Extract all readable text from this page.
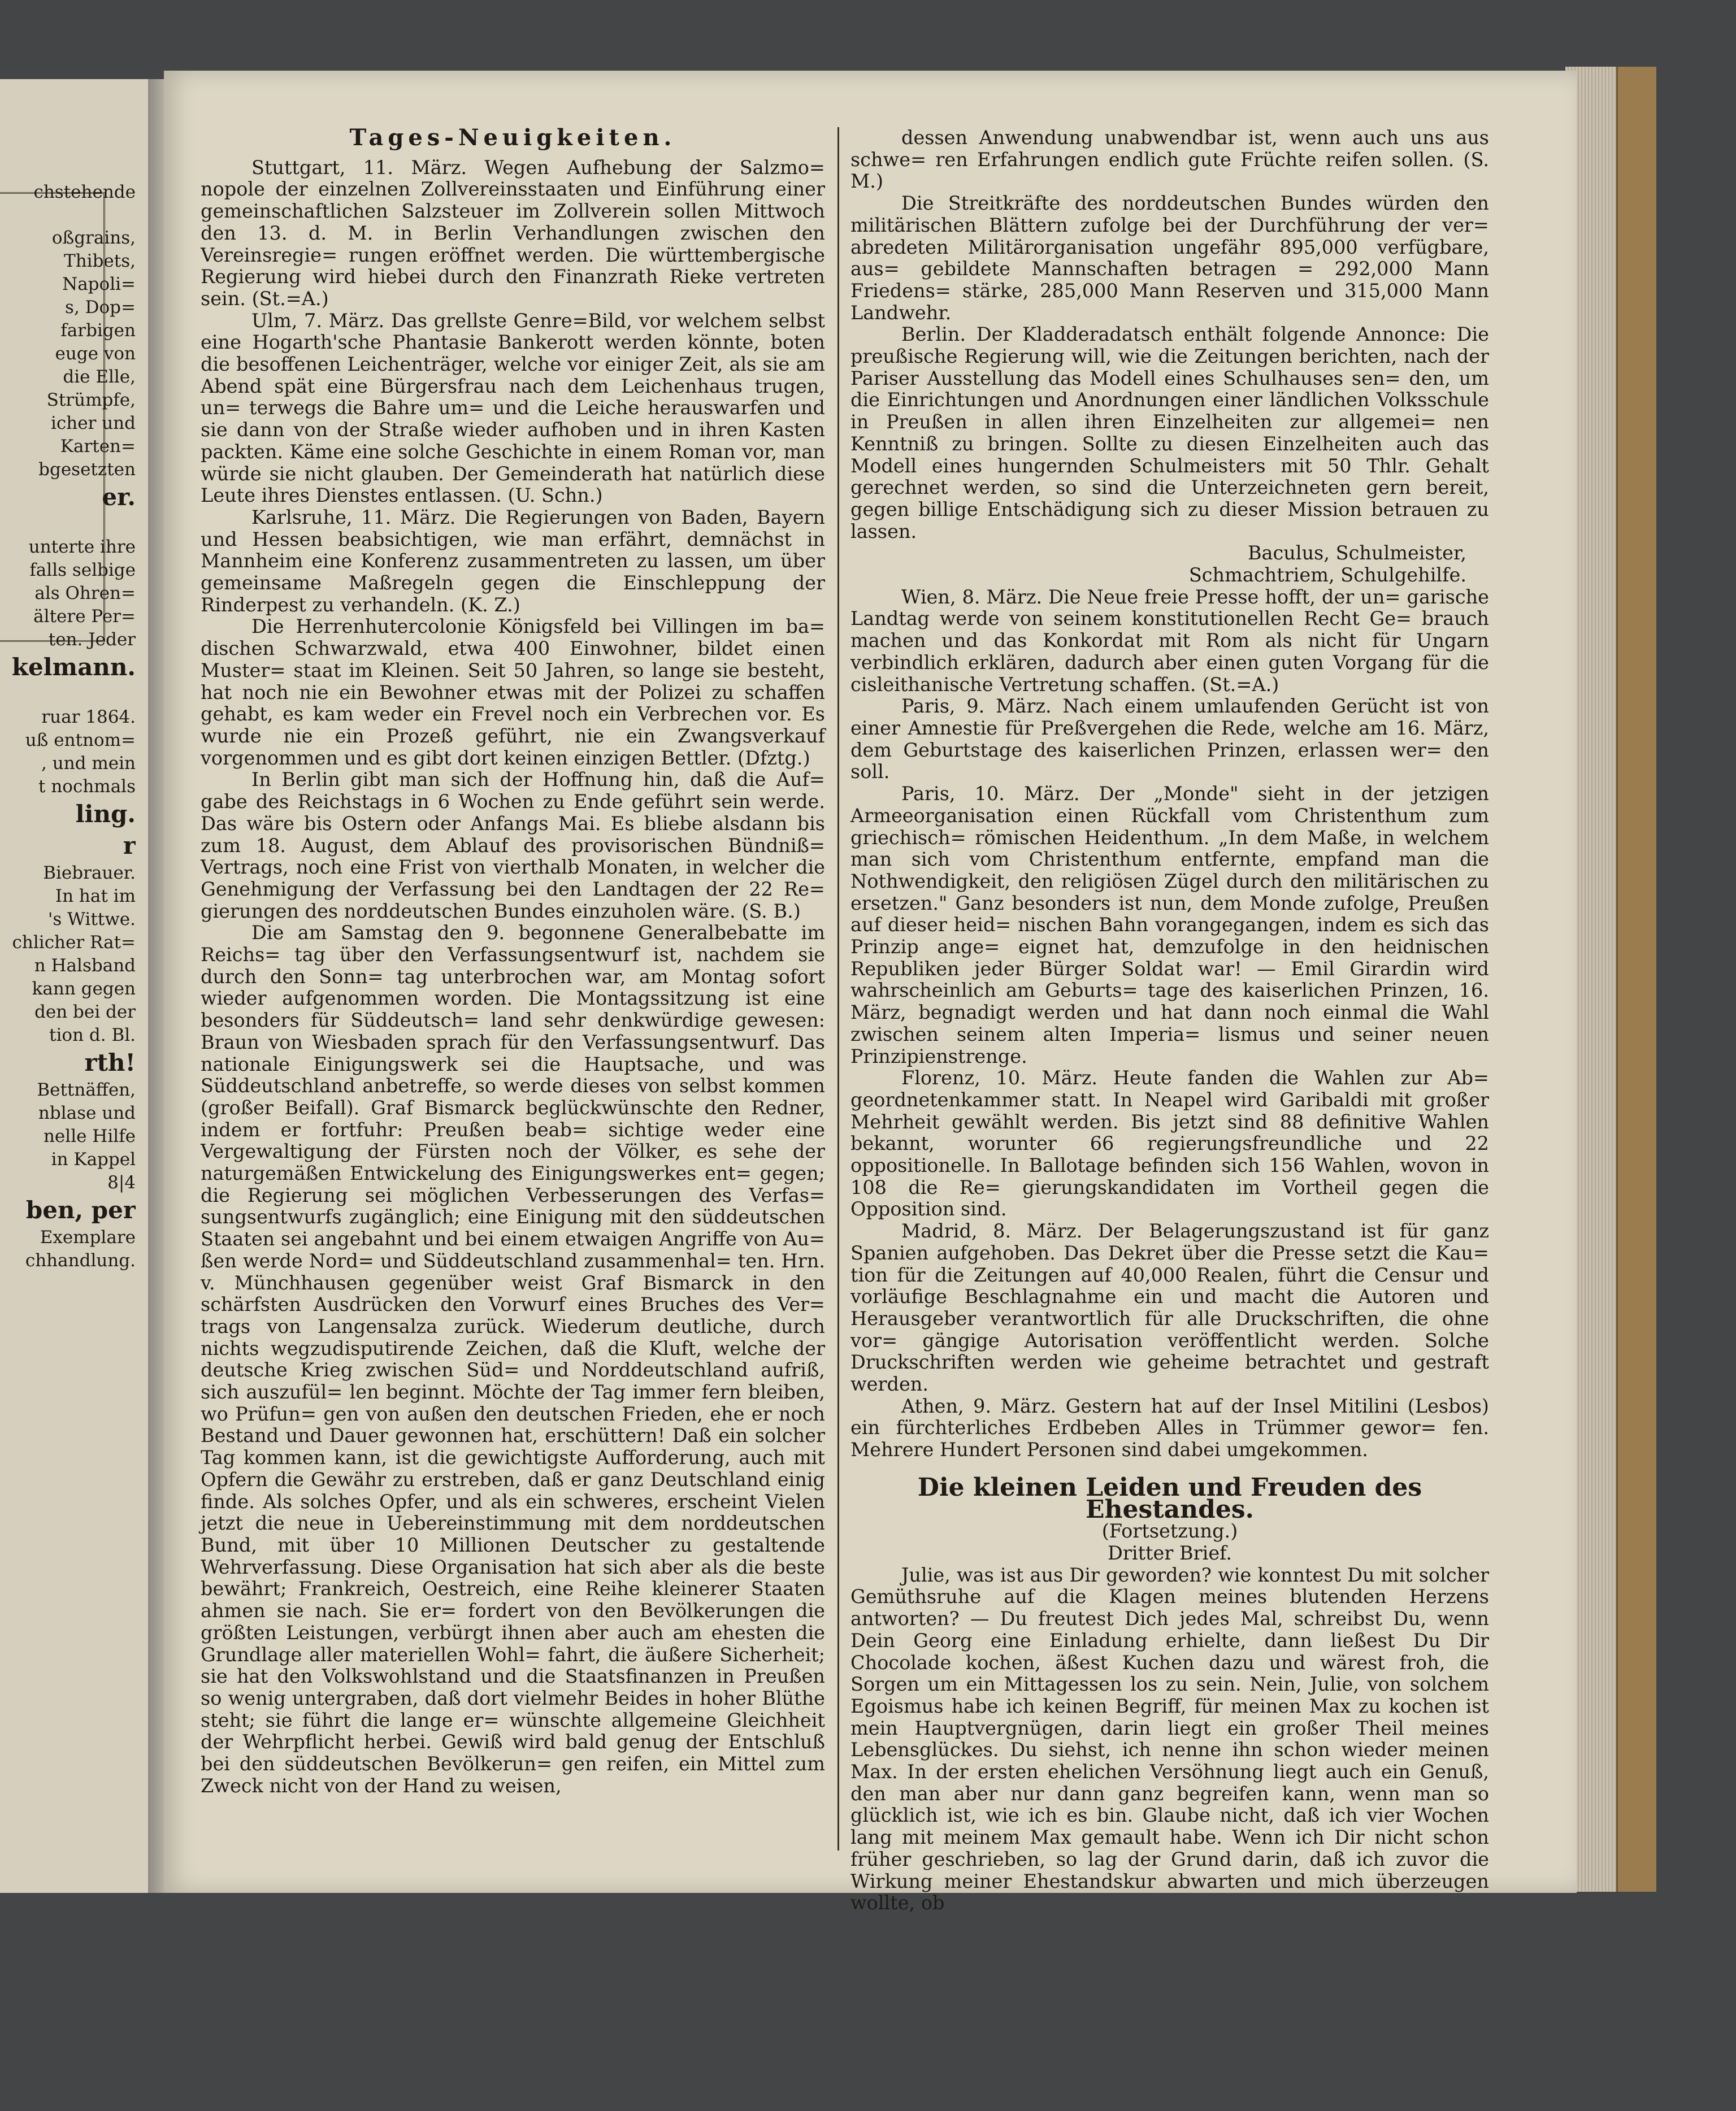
chstehende
oßgrains,
Thibets,
Napoli=
s, Dop=
farbigen
euge von
die Elle,
Strümpfe,
icher und
Karten=
bgesetzten
er.
unterte ihre
falls selbige
als Ohren=
ältere Per=
ten. Jeder
kelmann.
ruar 1864.
uß entnom=
, und mein
t nochmals
ling.
r
Biebrauer.
In hat im
's Wittwe.
chlicher Rat=
n Halsband
kann gegen
den bei der
tion d. Bl.
rth!
Bettnäffen,
nblase und
nelle Hilfe
in Kappel
8|4
ben, per
Exemplare
chhandlung.
Tages-Neuigkeiten.

Stuttgart, 11. März. Wegen Aufhebung der Salzmo= nopole der einzelnen Zollvereinsstaaten und Einführung einer gemeinschaftlichen Salzsteuer im Zollverein sollen Mittwoch den 13. d. M. in Berlin Verhandlungen zwischen den Vereinsregie= rungen eröffnet werden. Die württembergische Regierung wird hiebei durch den Finanzrath Rieke vertreten sein. (St.=A.)

Ulm, 7. März. Das grellste Genre=Bild, vor welchem selbst eine Hogarth'sche Phantasie Bankerott werden könnte, boten die besoffenen Leichenträger, welche vor einiger Zeit, als sie am Abend spät eine Bürgersfrau nach dem Leichenhaus trugen, un= terwegs die Bahre um= und die Leiche herauswarfen und sie dann von der Straße wieder aufhoben und in ihren Kasten packten. Käme eine solche Geschichte in einem Roman vor, man würde sie nicht glauben. Der Gemeinderath hat natürlich diese Leute ihres Dienstes entlassen. (U. Schn.)

Karlsruhe, 11. März. Die Regierungen von Baden, Bayern und Hessen beabsichtigen, wie man erfährt, demnächst in Mannheim eine Konferenz zusammentreten zu lassen, um über gemeinsame Maßregeln gegen die Einschleppung der Rinderpest zu verhandeln. (K. Z.)

Die Herrenhutercolonie Königsfeld bei Villingen im ba= dischen Schwarzwald, etwa 400 Einwohner, bildet einen Muster= staat im Kleinen. Seit 50 Jahren, so lange sie besteht, hat noch nie ein Bewohner etwas mit der Polizei zu schaffen gehabt, es kam weder ein Frevel noch ein Verbrechen vor. Es wurde nie ein Prozeß geführt, nie ein Zwangsverkauf vorgenommen und es gibt dort keinen einzigen Bettler. (Dfztg.)

In Berlin gibt man sich der Hoffnung hin, daß die Auf= gabe des Reichstags in 6 Wochen zu Ende geführt sein werde. Das wäre bis Ostern oder Anfangs Mai. Es bliebe alsdann bis zum 18. August, dem Ablauf des provisorischen Bündniß= Vertrags, noch eine Frist von vierthalb Monaten, in welcher die Genehmigung der Verfassung bei den Landtagen der 22 Re= gierungen des norddeutschen Bundes einzuholen wäre. (S. B.)

Die am Samstag den 9. begonnene Generalbebatte im Reichs= tag über den Verfassungsentwurf ist, nachdem sie durch den Sonn= tag unterbrochen war, am Montag sofort wieder aufgenommen worden. Die Montagssitzung ist eine besonders für Süddeutsch= land sehr denkwürdige gewesen: Braun von Wiesbaden sprach für den Verfassungsentwurf. Das nationale Einigungswerk sei die Hauptsache, und was Süddeutschland anbetreffe, so werde dieses von selbst kommen (großer Beifall). Graf Bismarck beglückwünschte den Redner, indem er fortfuhr: Preußen beab= sichtige weder eine Vergewaltigung der Fürsten noch der Völker, es sehe der naturgemäßen Entwickelung des Einigungswerkes ent= gegen; die Regierung sei möglichen Verbesserungen des Verfas= sungsentwurfs zugänglich; eine Einigung mit den süddeutschen Staaten sei angebahnt und bei einem etwaigen Angriffe von Au= ßen werde Nord= und Süddeutschland zusammenhal= ten. Hrn. v. Münchhausen gegenüber weist Graf Bismarck in den schärfsten Ausdrücken den Vorwurf eines Bruches des Ver= trags von Langensalza zurück. Wiederum deutliche, durch nichts wegzudisputirende Zeichen, daß die Kluft, welche der deutsche Krieg zwischen Süd= und Norddeutschland aufriß, sich auszufül= len beginnt. Möchte der Tag immer fern bleiben, wo Prüfun= gen von außen den deutschen Frieden, ehe er noch Bestand und Dauer gewonnen hat, erschüttern! Daß ein solcher Tag kommen kann, ist die gewichtigste Aufforderung, auch mit Opfern die Gewähr zu erstreben, daß er ganz Deutschland einig finde. Als solches Opfer, und als ein schweres, erscheint Vielen jetzt die neue in Uebereinstimmung mit dem norddeutschen Bund, mit über 10 Millionen Deutscher zu gestaltende Wehrverfassung. Diese Organisation hat sich aber als die beste bewährt; Frankreich, Oestreich, eine Reihe kleinerer Staaten ahmen sie nach. Sie er= fordert von den Bevölkerungen die größten Leistungen, verbürgt ihnen aber auch am ehesten die Grundlage aller materiellen Wohl= fahrt, die äußere Sicherheit; sie hat den Volkswohlstand und die Staatsfinanzen in Preußen so wenig untergraben, daß dort vielmehr Beides in hoher Blüthe steht; sie führt die lange er= wünschte allgemeine Gleichheit der Wehrpflicht herbei. Gewiß wird bald genug der Entschluß bei den süddeutschen Bevölkerun= gen reifen, ein Mittel zum Zweck nicht von der Hand zu weisen,

dessen Anwendung unabwendbar ist, wenn auch uns aus schwe= ren Erfahrungen endlich gute Früchte reifen sollen. (S. M.)

Die Streitkräfte des norddeutschen Bundes würden den militärischen Blättern zufolge bei der Durchführung der ver= abredeten Militärorganisation ungefähr 895,000 verfügbare, aus= gebildete Mannschaften betragen = 292,000 Mann Friedens= stärke, 285,000 Mann Reserven und 315,000 Mann Landwehr.

Berlin. Der Kladderadatsch enthält folgende Annonce: Die preußische Regierung will, wie die Zeitungen berichten, nach der Pariser Ausstellung das Modell eines Schulhauses sen= den, um die Einrichtungen und Anordnungen einer ländlichen Volksschule in Preußen in allen ihren Einzelheiten zur allgemei= nen Kenntniß zu bringen. Sollte zu diesen Einzelheiten auch das Modell eines hungernden Schulmeisters mit 50 Thlr. Gehalt gerechnet werden, so sind die Unterzeichneten gern bereit, gegen billige Entschädigung sich zu dieser Mission betrauen zu lassen.

Baculus, Schulmeister,

Schmachtriem, Schulgehilfe.

Wien, 8. März. Die Neue freie Presse hofft, der un= garische Landtag werde von seinem konstitutionellen Recht Ge= brauch machen und das Konkordat mit Rom als nicht für Ungarn verbindlich erklären, dadurch aber einen guten Vorgang für die cisleithanische Vertretung schaffen. (St.=A.)

Paris, 9. März. Nach einem umlaufenden Gerücht ist von einer Amnestie für Preßvergehen die Rede, welche am 16. März, dem Geburtstage des kaiserlichen Prinzen, erlassen wer= den soll.

Paris, 10. März. Der „Monde" sieht in der jetzigen Armeeorganisation einen Rückfall vom Christenthum zum griechisch= römischen Heidenthum. „In dem Maße, in welchem man sich vom Christenthum entfernte, empfand man die Nothwendigkeit, den religiösen Zügel durch den militärischen zu ersetzen." Ganz besonders ist nun, dem Monde zufolge, Preußen auf dieser heid= nischen Bahn vorangegangen, indem es sich das Prinzip ange= eignet hat, demzufolge in den heidnischen Republiken jeder Bürger Soldat war! — Emil Girardin wird wahrscheinlich am Geburts= tage des kaiserlichen Prinzen, 16. März, begnadigt werden und hat dann noch einmal die Wahl zwischen seinem alten Imperia= lismus und seiner neuen Prinzipienstrenge.

Florenz, 10. März. Heute fanden die Wahlen zur Ab= geordnetenkammer statt. In Neapel wird Garibaldi mit großer Mehrheit gewählt werden. Bis jetzt sind 88 definitive Wahlen bekannt, worunter 66 regierungsfreundliche und 22 oppositionelle. In Ballotage befinden sich 156 Wahlen, wovon in 108 die Re= gierungskandidaten im Vortheil gegen die Opposition sind.

Madrid, 8. März. Der Belagerungszustand ist für ganz Spanien aufgehoben. Das Dekret über die Presse setzt die Kau= tion für die Zeitungen auf 40,000 Realen, führt die Censur und vorläufige Beschlagnahme ein und macht die Autoren und Herausgeber verantwortlich für alle Druckschriften, die ohne vor= gängige Autorisation veröffentlicht werden. Solche Druckschriften werden wie geheime betrachtet und gestraft werden.

Athen, 9. März. Gestern hat auf der Insel Mitilini (Lesbos) ein fürchterliches Erdbeben Alles in Trümmer gewor= fen. Mehrere Hundert Personen sind dabei umgekommen.

Die kleinen Leiden und Freuden des Ehestandes.

(Fortsetzung.)

Dritter Brief.

Julie, was ist aus Dir geworden? wie konntest Du mit solcher Gemüthsruhe auf die Klagen meines blutenden Herzens antworten? — Du freutest Dich jedes Mal, schreibst Du, wenn Dein Georg eine Einladung erhielte, dann ließest Du Dir Chocolade kochen, äßest Kuchen dazu und wärest froh, die Sorgen um ein Mittagessen los zu sein. Nein, Julie, von solchem Egoismus habe ich keinen Begriff, für meinen Max zu kochen ist mein Hauptvergnügen, darin liegt ein großer Theil meines Lebensglückes. Du siehst, ich nenne ihn schon wieder meinen Max. In der ersten ehelichen Versöhnung liegt auch ein Genuß, den man aber nur dann ganz begreifen kann, wenn man so glücklich ist, wie ich es bin. Glaube nicht, daß ich vier Wochen lang mit meinem Max gemault habe. Wenn ich Dir nicht schon früher geschrieben, so lag der Grund darin, daß ich zuvor die Wirkung meiner Ehestandskur abwarten und mich überzeugen wollte, ob
